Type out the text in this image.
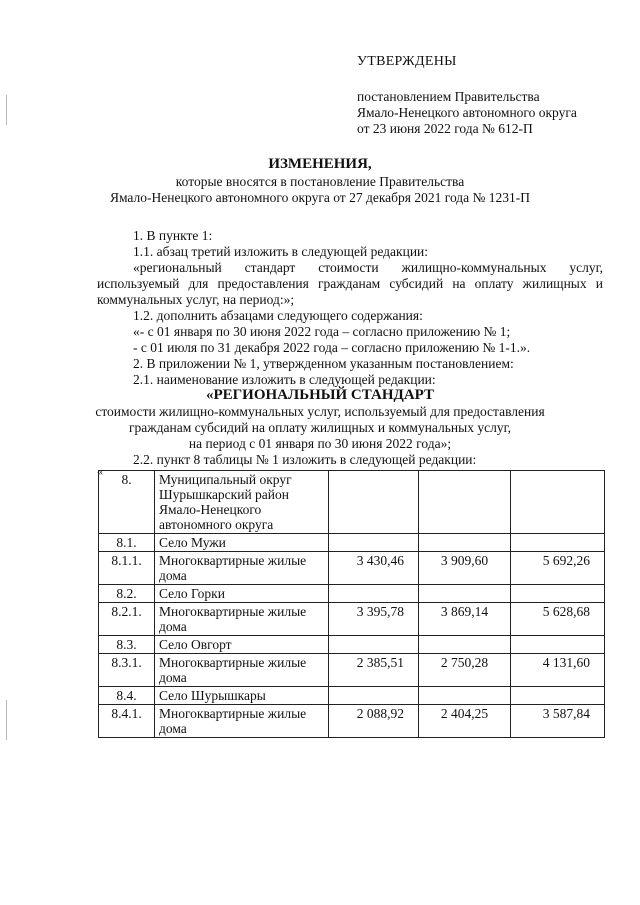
УТВЕРЖДЕНЫ
постановлением Правительства
Ямало-Ненецкого автономного округа
от 23 июня 2022 года № 612-П
ИЗМЕНЕНИЯ,
которые вносятся в постановление Правительства
Ямало-Ненецкого автономного округа от 27 декабря 2021 года № 1231-П
1. В пункте 1:
1.1. абзац третий изложить в следующей редакции:
«региональный стандарт стоимости жилищно-коммунальных услуг,
используемый для предоставления гражданам субсидий на оплату жилищных и
коммунальных услуг, на период:»;
1.2. дополнить абзацами следующего содержания:
«- с 01 января по 30 июня 2022 года – согласно приложению № 1;
- с 01 июля по 31 декабря 2022 года – согласно приложению № 1-1.».
2. В приложении № 1, утвержденном указанным постановлением:
2.1. наименование изложить в следующей редакции:
«РЕГИОНАЛЬНЫЙ СТАНДАРТ
стоимости жилищно-коммунальных услуг, используемый для предоставления
гражданам субсидий на оплату жилищных и коммунальных услуг,
на период с 01 января по 30 июня 2022 года»;
2.2. пункт 8 таблицы № 1 изложить в следующей редакции:
8.	Муниципальный округ Шурышкарский район Ямало-Ненецкого автономного округа			
8.1.	Село Мужи			
8.1.1.	Многоквартирные жилые дома	3 430,46	3 909,60	5 692,26
8.2.	Село Горки			
8.2.1.	Многоквартирные жилые дома	3 395,78	3 869,14	5 628,68
8.3.	Село Овгорт			
8.3.1.	Многоквартирные жилые дома	2 385,51	2 750,28	4 131,60
8.4.	Село Шурышкары			
8.4.1.	Многоквартирные жилые дома	2 088,92	2 404,25	3 587,84
«
